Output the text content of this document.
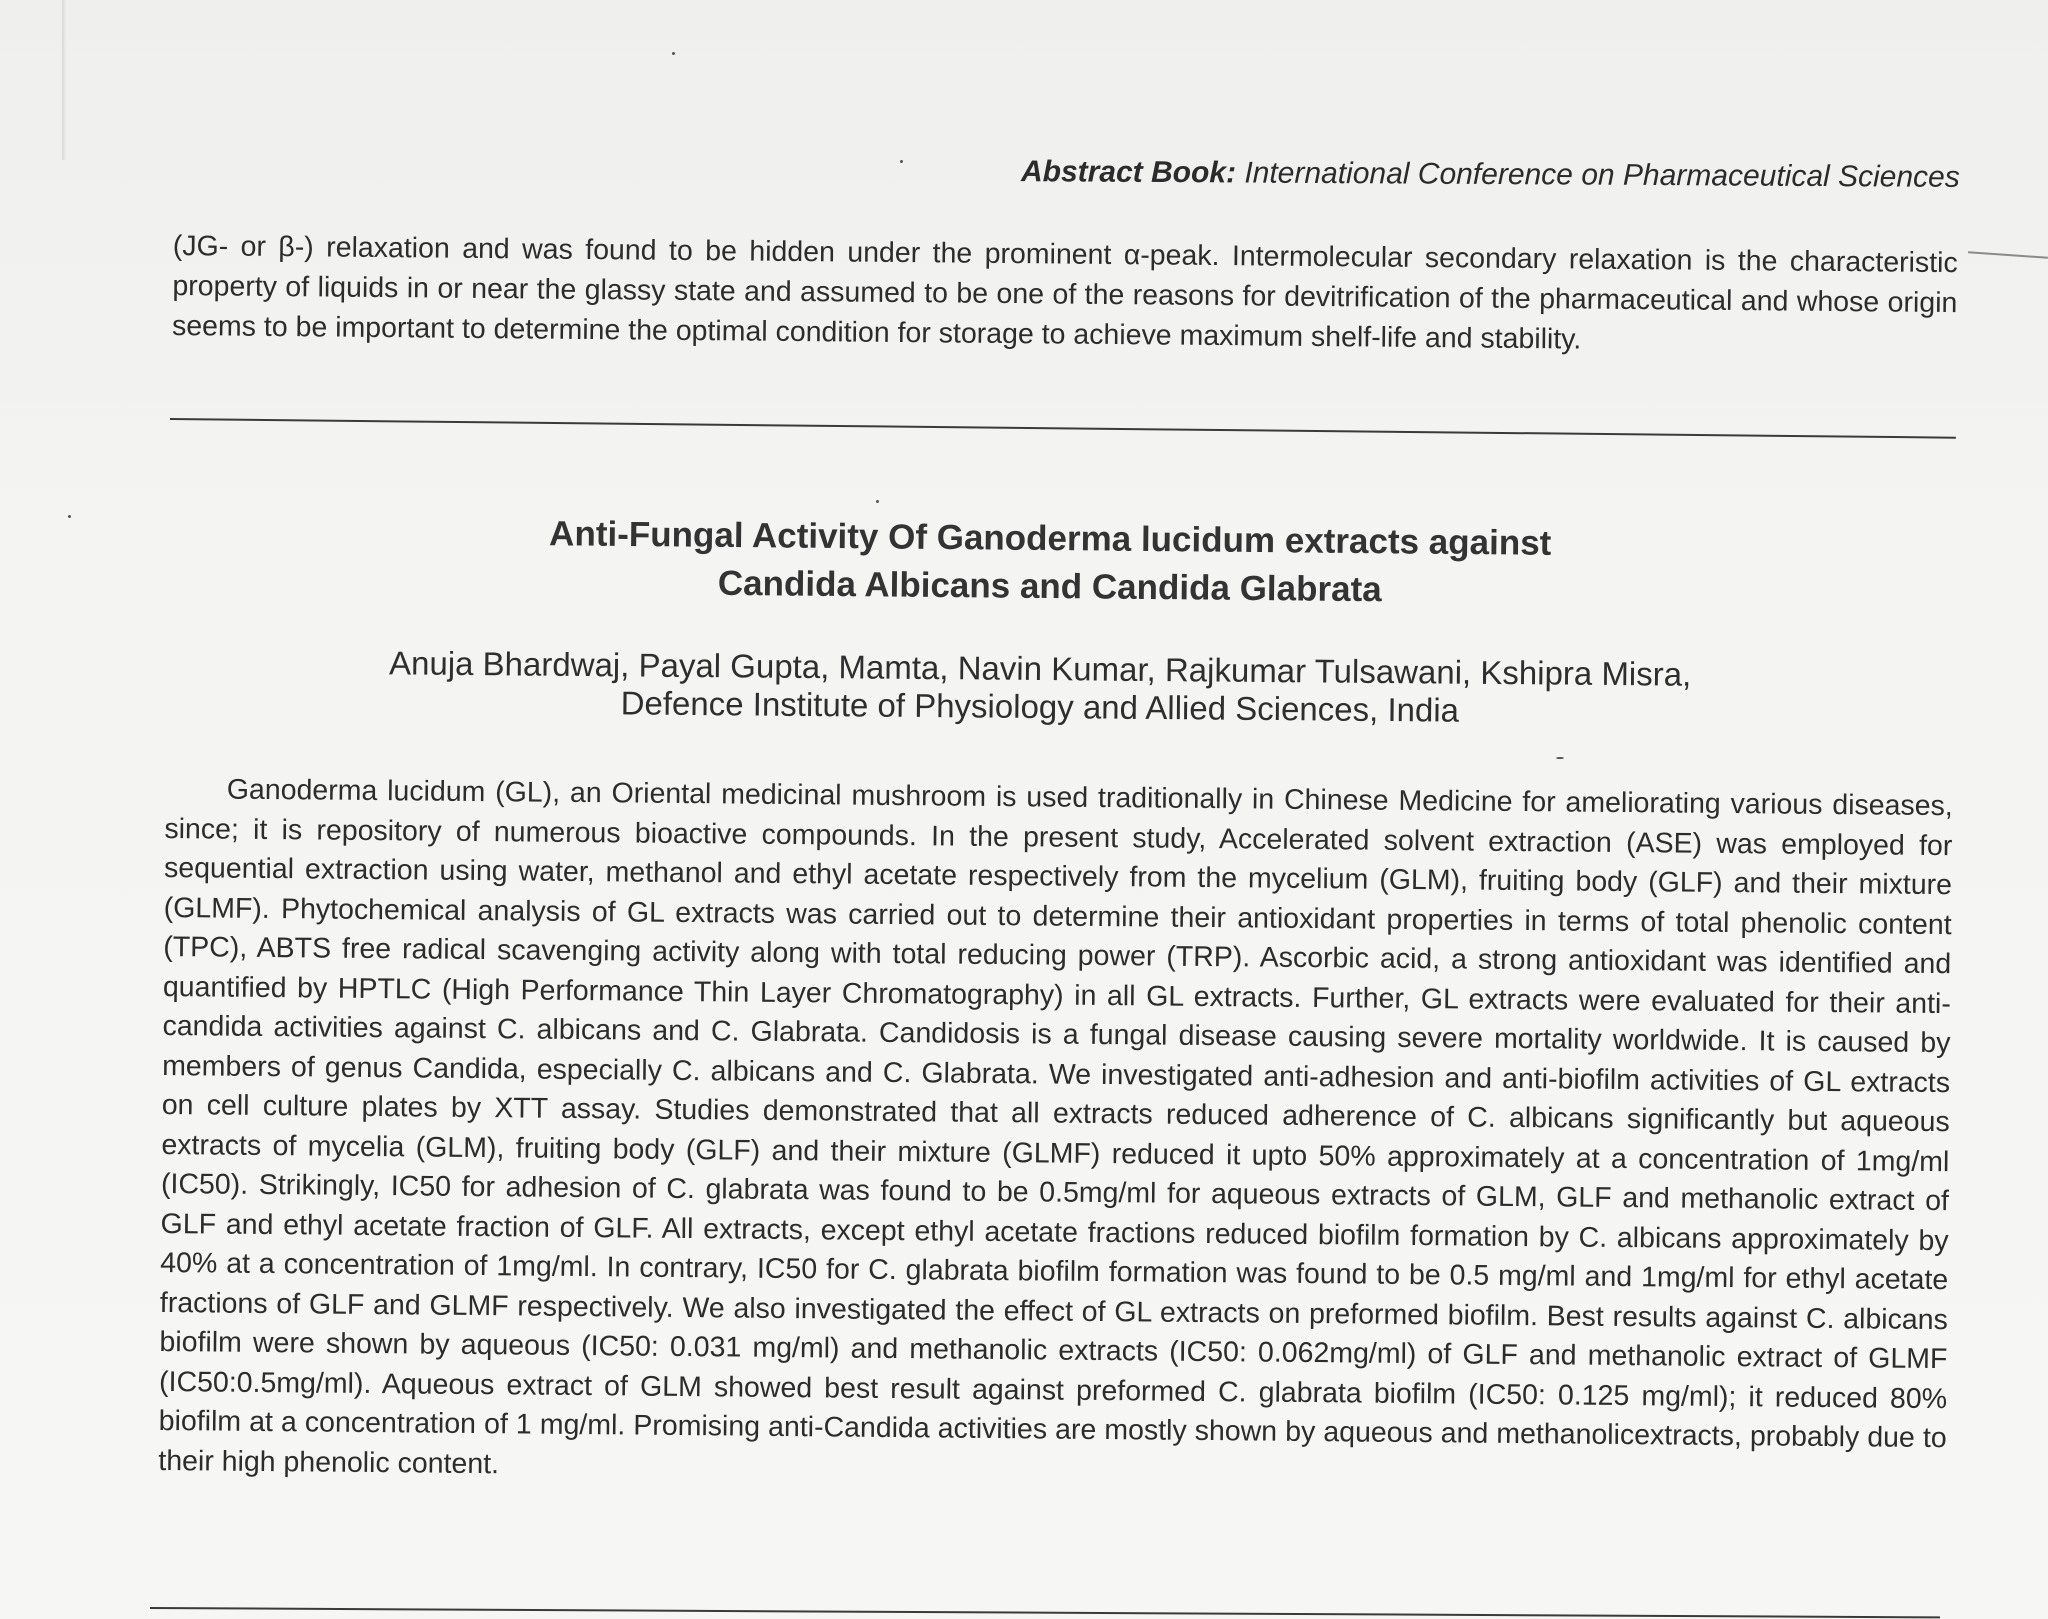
Abstract Book: International Conference on Pharmaceutical Sciences
(JG- or β-) relaxation and was found to be hidden under the prominent α-peak. Intermolecular secondary relaxation is the characteristic property of liquids in or near the glassy state and assumed to be one of the reasons for devitrification of the pharmaceutical and whose origin seems to be important to determine the optimal condition for storage to achieve maximum shelf-life and stability.
Anti-Fungal Activity Of Ganoderma lucidum extracts against
Candida Albicans and Candida Glabrata
Anuja Bhardwaj, Payal Gupta, Mamta, Navin Kumar, Rajkumar Tulsawani, Kshipra Misra,
Defence Institute of Physiology and Allied Sciences, India
Ganoderma lucidum (GL), an Oriental medicinal mushroom is used traditionally in Chinese Medicine for ameliorating various diseases, since; it is repository of numerous bioactive compounds. In the present study, Accelerated solvent extraction (ASE) was employed for sequential extraction using water, methanol and ethyl acetate respectively from the mycelium (GLM), fruiting body (GLF) and their mixture (GLMF). Phytochemical analysis of GL extracts was carried out to determine their antioxidant properties in terms of total phenolic content (TPC), ABTS free radical scavenging activity along with total reducing power (TRP). Ascorbic acid, a strong antioxidant was identified and quantified by HPTLC (High Performance Thin Layer Chromatography) in all GL extracts. Further, GL extracts were evaluated for their anti-candida activities against C. albicans and C. Glabrata. Candidosis is a fungal disease causing severe mortality worldwide. It is caused by members of genus Candida, especially C. albicans and C. Glabrata. We investigated anti-adhesion and anti-biofilm activities of GL extracts on cell culture plates by XTT assay. Studies demonstrated that all extracts reduced adherence of C. albicans significantly but aqueous extracts of mycelia (GLM), fruiting body (GLF) and their mixture (GLMF) reduced it upto 50% approximately at a concentration of 1mg/ml (IC50). Strikingly, IC50 for adhesion of C. glabrata was found to be 0.5mg/ml for aqueous extracts of GLM, GLF and methanolic extract of GLF and ethyl acetate fraction of GLF. All extracts, except ethyl acetate fractions reduced biofilm formation by C. albicans approximately by 40% at a concentration of 1mg/ml. In contrary, IC50 for C. glabrata biofilm formation was found to be 0.5 mg/ml and 1mg/ml for ethyl acetate fractions of GLF and GLMF respectively. We also investigated the effect of GL extracts on preformed biofilm. Best results against C. albicans biofilm were shown by aqueous (IC50: 0.031 mg/ml) and methanolic extracts (IC50: 0.062mg/ml) of GLF and methanolic extract of GLMF (IC50:0.5mg/ml). Aqueous extract of GLM showed best result against preformed C. glabrata biofilm (IC50: 0.125 mg/ml); it reduced 80% biofilm at a concentration of 1 mg/ml. Promising anti-Candida activities are mostly shown by aqueous and methanolicextracts, probably due to their high phenolic content.
